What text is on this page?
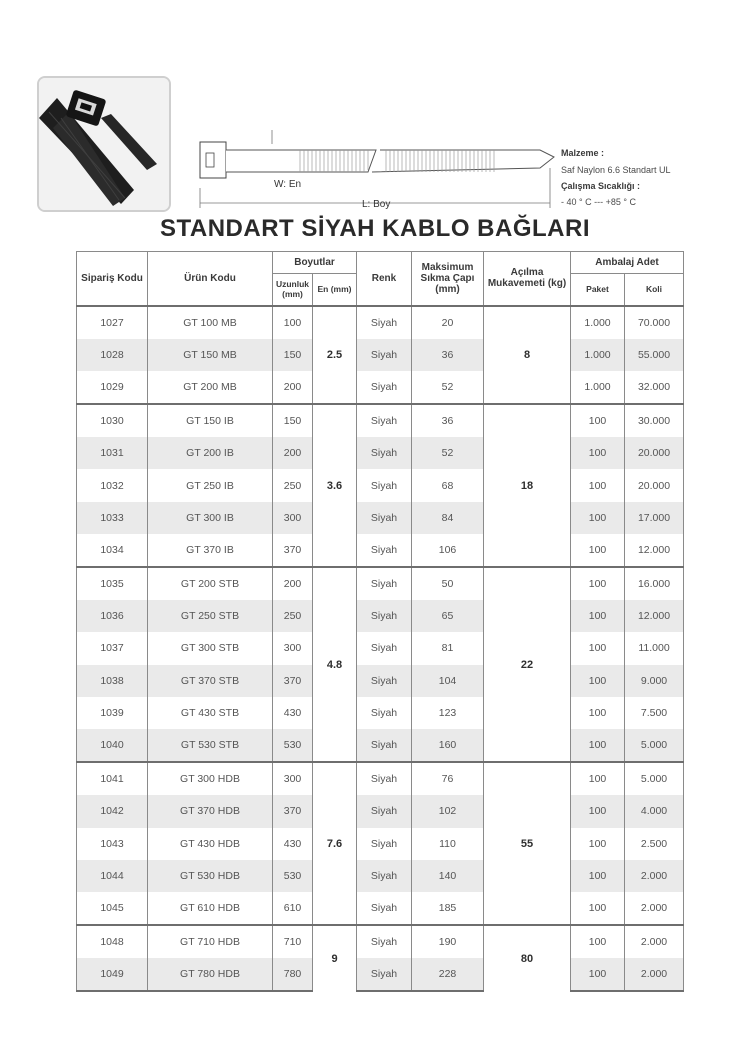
W: En
L: Boy
Malzeme :
Saf Naylon 6.6 Standart UL
Çalışma Sıcaklığı :
- 40 ° C --- +85 ° C
STANDART SİYAH KABLO BAĞLARI
Sipariş Kodu	Ürün Kodu	Boyutlar		Renk	Maksimum Sıkma Çapı (mm)	Açılma Mukavemeti (kg)	Ambalaj Adet	
		Uzunluk (mm)	En (mm)				Paket	Koli
1027	GT 100 MB	100	2.5	Siyah	20	8	1.000	70.000
1028	GT 150 MB	150		Siyah	36		1.000	55.000
1029	GT 200 MB	200		Siyah	52		1.000	32.000
1030	GT 150 IB	150	3.6	Siyah	36	18	100	30.000
1031	GT 200 IB	200		Siyah	52		100	20.000
1032	GT 250 IB	250		Siyah	68		100	20.000
1033	GT 300 IB	300		Siyah	84		100	17.000
1034	GT 370 IB	370		Siyah	106		100	12.000
1035	GT 200 STB	200	4.8	Siyah	50	22	100	16.000
1036	GT 250 STB	250		Siyah	65		100	12.000
1037	GT 300 STB	300		Siyah	81		100	11.000
1038	GT 370 STB	370		Siyah	104		100	9.000
1039	GT 430 STB	430		Siyah	123		100	7.500
1040	GT 530 STB	530		Siyah	160		100	5.000
1041	GT 300 HDB	300	7.6	Siyah	76	55	100	5.000
1042	GT 370 HDB	370		Siyah	102		100	4.000
1043	GT 430 HDB	430		Siyah	110		100	2.500
1044	GT 530 HDB	530		Siyah	140		100	2.000
1045	GT 610 HDB	610		Siyah	185		100	2.000
1048	GT 710 HDB	710	9	Siyah	190	80	100	2.000
1049	GT 780 HDB	780		Siyah	228		100	2.000
